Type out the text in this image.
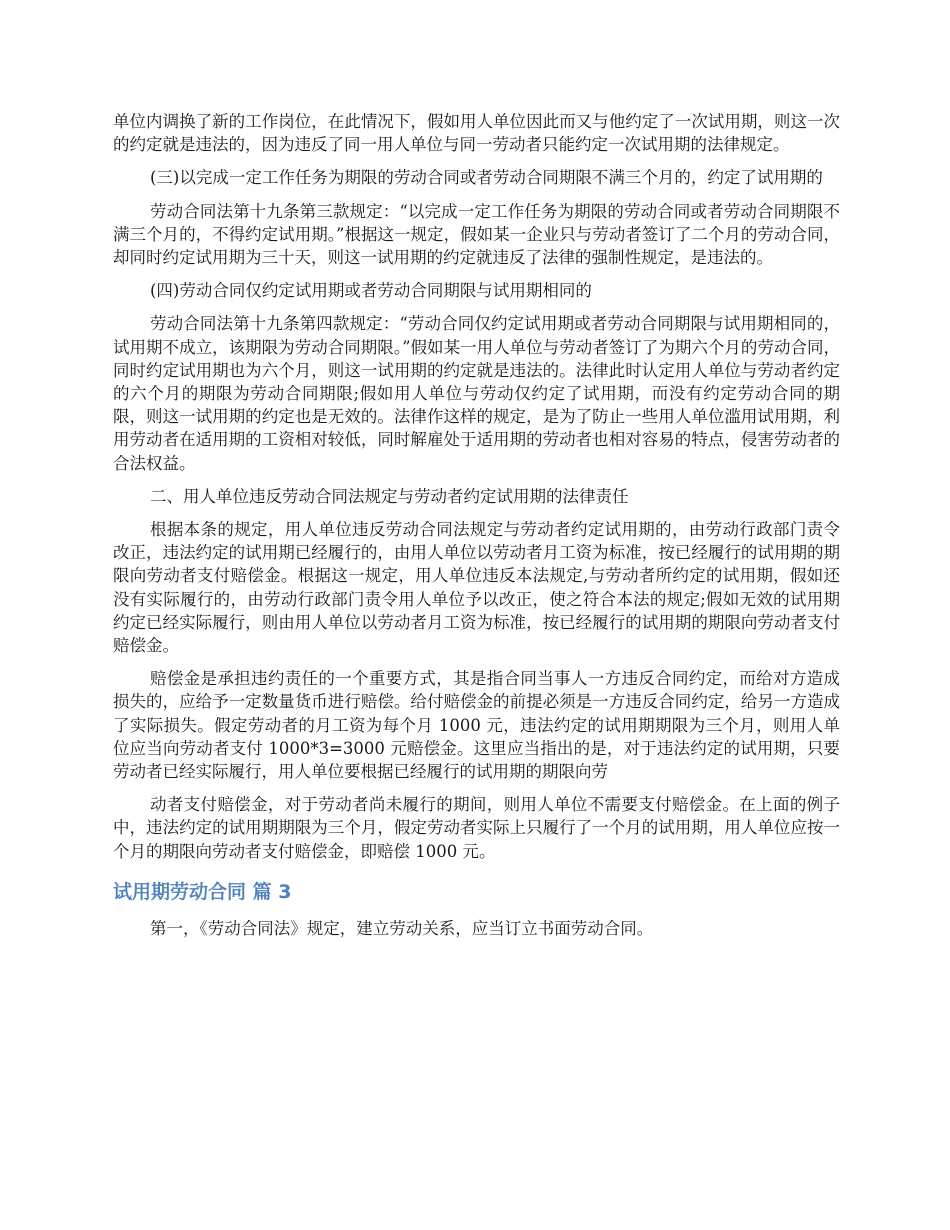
单位内调换了新的工作岗位，在此情况下，假如用人单位因此而又与他约定了一次试用期，则这一次的约定就是违法的，因为违反了同一用人单位与同一劳动者只能约定一次试用期的法律规定。

(三)以完成一定工作任务为期限的劳动合同或者劳动合同期限不满三个月的，约定了试用期的

劳动合同法第十九条第三款规定：“以完成一定工作任务为期限的劳动合同或者劳动合同期限不满三个月的，不得约定试用期。”根据这一规定，假如某一企业只与劳动者签订了二个月的劳动合同，却同时约定试用期为三十天，则这一试用期的约定就违反了法律的强制性规定，是违法的。

(四)劳动合同仅约定试用期或者劳动合同期限与试用期相同的

劳动合同法第十九条第四款规定：“劳动合同仅约定试用期或者劳动合同期限与试用期相同的，试用期不成立，该期限为劳动合同期限。”假如某一用人单位与劳动者签订了为期六个月的劳动合同，同时约定试用期也为六个月，则这一试用期的约定就是违法的。法律此时认定用人单位与劳动者约定的六个月的期限为劳动合同期限;假如用人单位与劳动仅约定了试用期，而没有约定劳动合同的期限，则这一试用期的约定也是无效的。法律作这样的规定，是为了防止一些用人单位滥用试用期，利用劳动者在适用期的工资相对较低，同时解雇处于适用期的劳动者也相对容易的特点，侵害劳动者的合法权益。

二、用人单位违反劳动合同法规定与劳动者约定试用期的法律责任

根据本条的规定，用人单位违反劳动合同法规定与劳动者约定试用期的，由劳动行政部门责令改正，违法约定的试用期已经履行的，由用人单位以劳动者月工资为标准，按已经履行的试用期的期限向劳动者支付赔偿金。根据这一规定，用人单位违反本法规定,与劳动者所约定的试用期，假如还没有实际履行的，由劳动行政部门责令用人单位予以改正，使之符合本法的规定;假如无效的试用期约定已经实际履行，则由用人单位以劳动者月工资为标准，按已经履行的试用期的期限向劳动者支付赔偿金。

赔偿金是承担违约责任的一个重要方式，其是指合同当事人一方违反合同约定，而给对方造成损失的，应给予一定数量货币进行赔偿。给付赔偿金的前提必须是一方违反合同约定，给另一方造成了实际损失。假定劳动者的月工资为每个月 1000 元，违法约定的试用期期限为三个月，则用人单位应当向劳动者支付 1000*3=3000 元赔偿金。这里应当指出的是，对于违法约定的试用期，只要劳动者已经实际履行，用人单位要根据已经履行的试用期的期限向劳

动者支付赔偿金，对于劳动者尚未履行的期间，则用人单位不需要支付赔偿金。在上面的例子中，违法约定的试用期期限为三个月，假定劳动者实际上只履行了一个月的试用期，用人单位应按一个月的期限向劳动者支付赔偿金，即赔偿 1000 元。

试用期劳动合同 篇 3

第一，《劳动合同法》规定，建立劳动关系，应当订立书面劳动合同。
